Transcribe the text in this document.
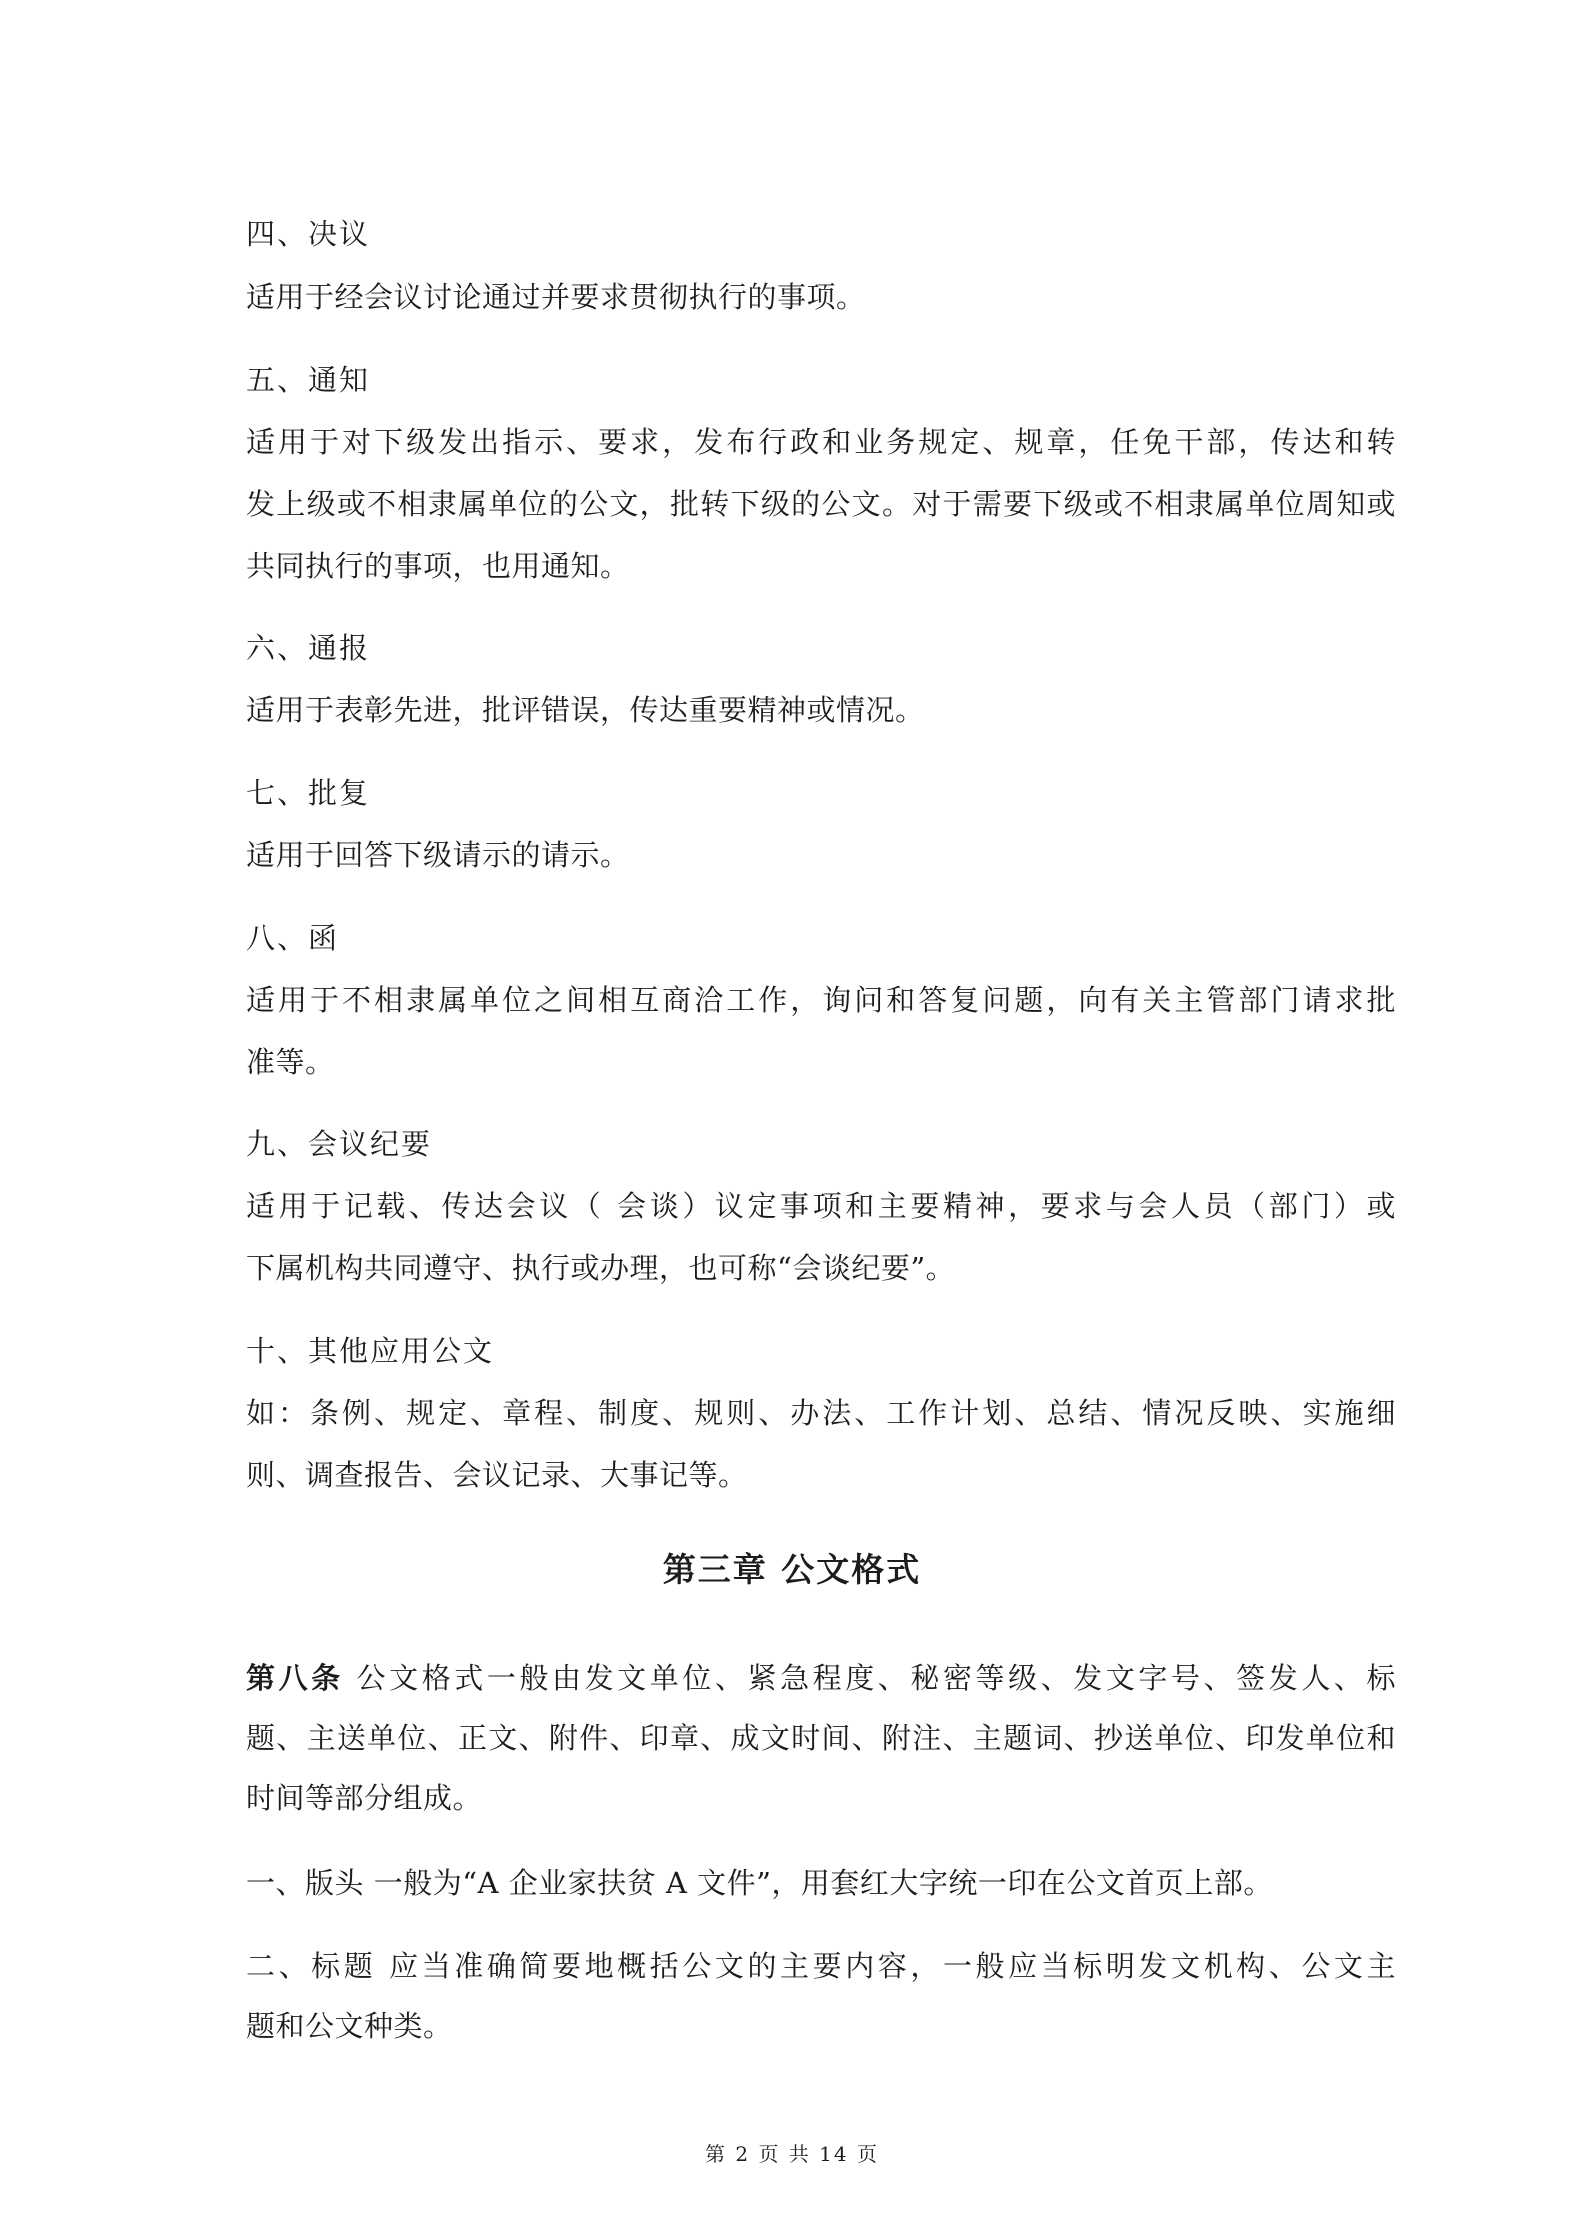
四、决议
适用于经会议讨论通过并要求贯彻执行的事项。
五、通知
适用于对下级发出指示、要求，发布行政和业务规定、规章，任免干部，传达和转
发上级或不相隶属单位的公文，批转下级的公文。对于需要下级或不相隶属单位周知或
共同执行的事项，也用通知。
六、通报
适用于表彰先进，批评错误，传达重要精神或情况。
七、批复
适用于回答下级请示的请示。
八、函
适用于不相隶属单位之间相互商洽工作，询问和答复问题，向有关主管部门请求批
准等。
九、会议纪要
适用于记载、传达会议（ 会谈）议定事项和主要精神，要求与会人员（部门）或
下属机构共同遵守、执行或办理，也可称“会谈纪要”。
十、其他应用公文
如：条例、规定、章程、制度、规则、办法、工作计划、总结、情况反映、实施细
则、调查报告、会议记录、大事记等。
第三章 公文格式
第八条 公文格式一般由发文单位、紧急程度、秘密等级、发文字号、签发人、标
题、主送单位、正文、附件、印章、成文时间、附注、主题词、抄送单位、印发单位和
时间等部分组成。
一、版头 一般为“A 企业家扶贫 A 文件”，用套红大字统一印在公文首页上部。
二、标题 应当准确简要地概括公文的主要内容，一般应当标明发文机构、公文主
题和公文种类。
第 2 页 共 14 页
